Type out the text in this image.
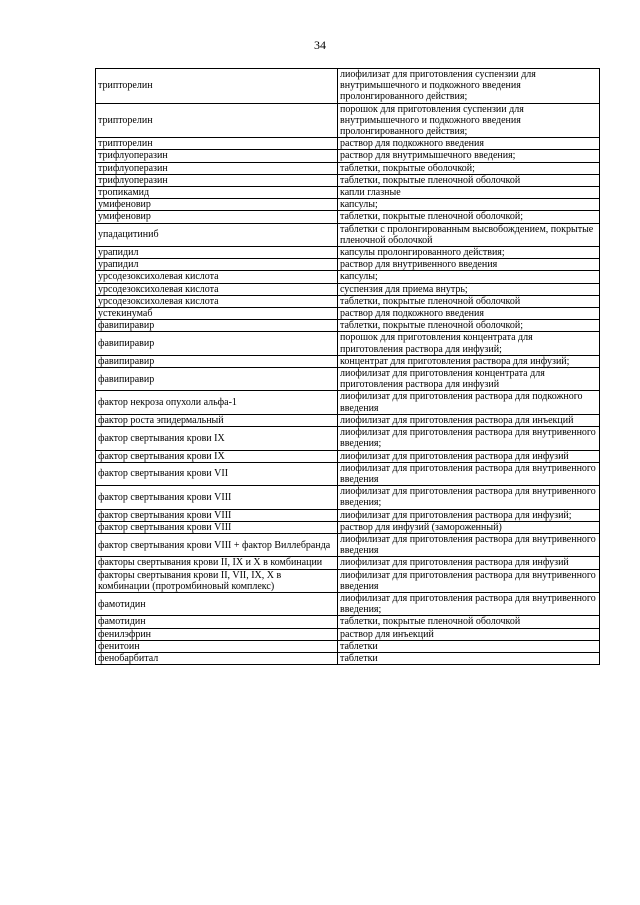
34
трипторелин	лиофилизат для приготовления суспензии для внутримышечного и подкожного введения пролонгированного действия;
трипторелин	порошок для приготовления суспензии для внутримышечного и подкожного введения пролонгированного действия;
трипторелин	раствор для подкожного введения
трифлуоперазин	раствор для внутримышечного введения;
трифлуоперазин	таблетки, покрытые оболочкой;
трифлуоперазин	таблетки, покрытые пленочной оболочкой
тропикамид	капли глазные
умифеновир	капсулы;
умифеновир	таблетки, покрытые пленочной оболочкой;
упадацитиниб	таблетки с пролонгированным высвобождением, покрытые пленочной оболочкой
урапидил	капсулы пролонгированного действия;
урапидил	раствор для внутривенного введения
урсодезоксихолевая кислота	капсулы;
урсодезоксихолевая кислота	суспензия для приема внутрь;
урсодезоксихолевая кислота	таблетки, покрытые пленочной оболочкой
устекинумаб	раствор для подкожного введения
фавипиравир	таблетки, покрытые пленочной оболочкой;
фавипиравир	порошок для приготовления концентрата для приготовления раствора для инфузий;
фавипиравир	концентрат для приготовления раствора для инфузий;
фавипиравир	лиофилизат для приготовления концентрата для приготовления раствора для инфузий
фактор некроза опухоли альфа-1	лиофилизат для приготовления раствора для подкожного введения
фактор роста эпидермальный	лиофилизат для приготовления раствора для инъекций
фактор свертывания крови IX	лиофилизат для приготовления раствора для внутривенного введения;
фактор свертывания крови IX	лиофилизат для приготовления раствора для инфузий
фактор свертывания крови VII	лиофилизат для приготовления раствора для внутривенного введения
фактор свертывания крови VIII	лиофилизат для приготовления раствора для внутривенного введения;
фактор свертывания крови VIII	лиофилизат для приготовления раствора для инфузий;
фактор свертывания крови VIII	раствор для инфузий (замороженный)
фактор свертывания крови VIII + фактор Виллебранда	лиофилизат для приготовления раствора для внутривенного введения
факторы свертывания крови II, IX и X в комбинации	лиофилизат для приготовления раствора для инфузий
факторы свертывания крови II, VII, IX, X в комбинации (протромбиновый комплекс)	лиофилизат для приготовления раствора для внутривенного введения
фамотидин	лиофилизат для приготовления раствора для внутривенного введения;
фамотидин	таблетки, покрытые пленочной оболочкой
фенилэфрин	раствор для инъекций
фенитоин	таблетки
фенобарбитал	таблетки
